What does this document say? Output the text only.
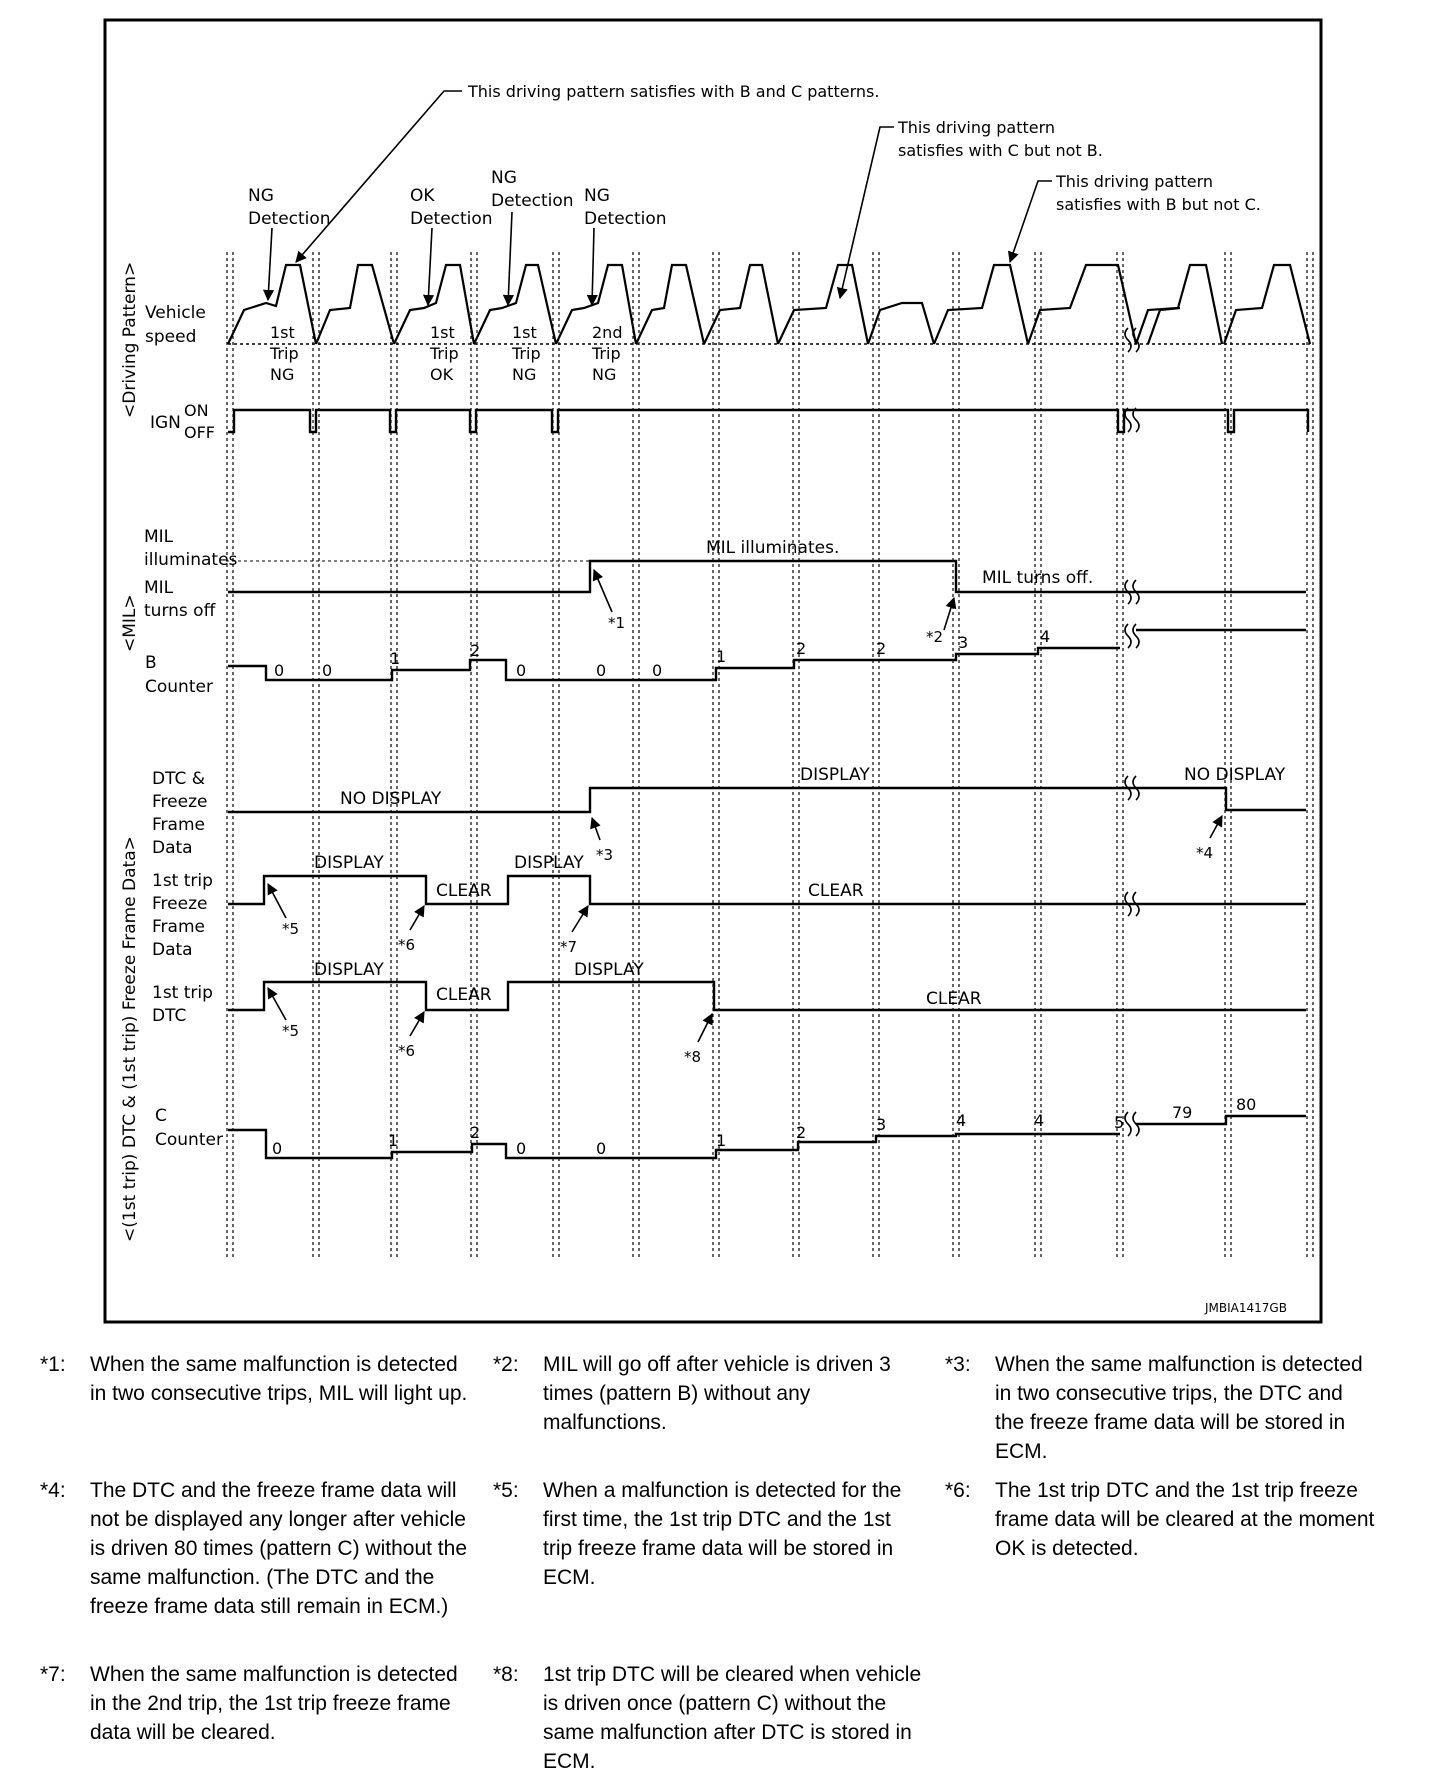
<Driving Pattern>
<MIL>
<(1st trip) DTC & (1st trip) Freeze Frame Data>
Vehicle
speed
This driving pattern satisfies with B and C patterns.
This driving pattern
satisfies with C but not B.
This driving pattern
satisfies with B but not C.
NG
Detection
OK
Detection
NG
Detection NG
Detection
1st
Trip
NG
1st
Trip
OK
1st
Trip
NG
2nd
Trip
NG
IGN
ON
OFF
MIL
illuminates
MIL
turns off
MIL illuminates.
MIL turns off.
*1
*2
B
Counter
0 0
1	2
0	0	0
1	2	2	3	4
DTC &
Freeze
Frame
Data
NO DISPLAY
DISPLAY	NO DISPLAY
*3	*4
1st trip
Freeze
Frame
Data
DISPLAY
CLEAR
DISPLAY
CLEAR
*5
*6	*7
1st trip
DTC
DISPLAY
CLEAR
DISPLAY
CLEAR
*5
*6	*8
C
Counter	0	1	2
0	0	1	2	3	4	4	5
79	80
JMBIA1417GB
*1:	When the same malfunction is detected in two consecutive trips, MIL will light up.
*2:	MIL will go off after vehicle is driven 3 times (pattern B) without any malfunctions.
*3:	When the same malfunction is detected in two consecutive trips, the DTC and the freeze frame data will be stored in ECM.
*4:	The DTC and the freeze frame data will not be displayed any longer after vehicle is driven 80 times (pattern C) without the same malfunction. (The DTC and the freeze frame data still remain in ECM.)
*5:	When a malfunction is detected for the first time, the 1st trip DTC and the 1st trip freeze frame data will be stored in ECM.
*6:	The 1st trip DTC and the 1st trip freeze frame data will be cleared at the moment OK is detected.
*7:	When the same malfunction is detected in the 2nd trip, the 1st trip freeze frame data will be cleared.
*8:	1st trip DTC will be cleared when vehicle is driven once (pattern C) without the same malfunction after DTC is stored in ECM.
